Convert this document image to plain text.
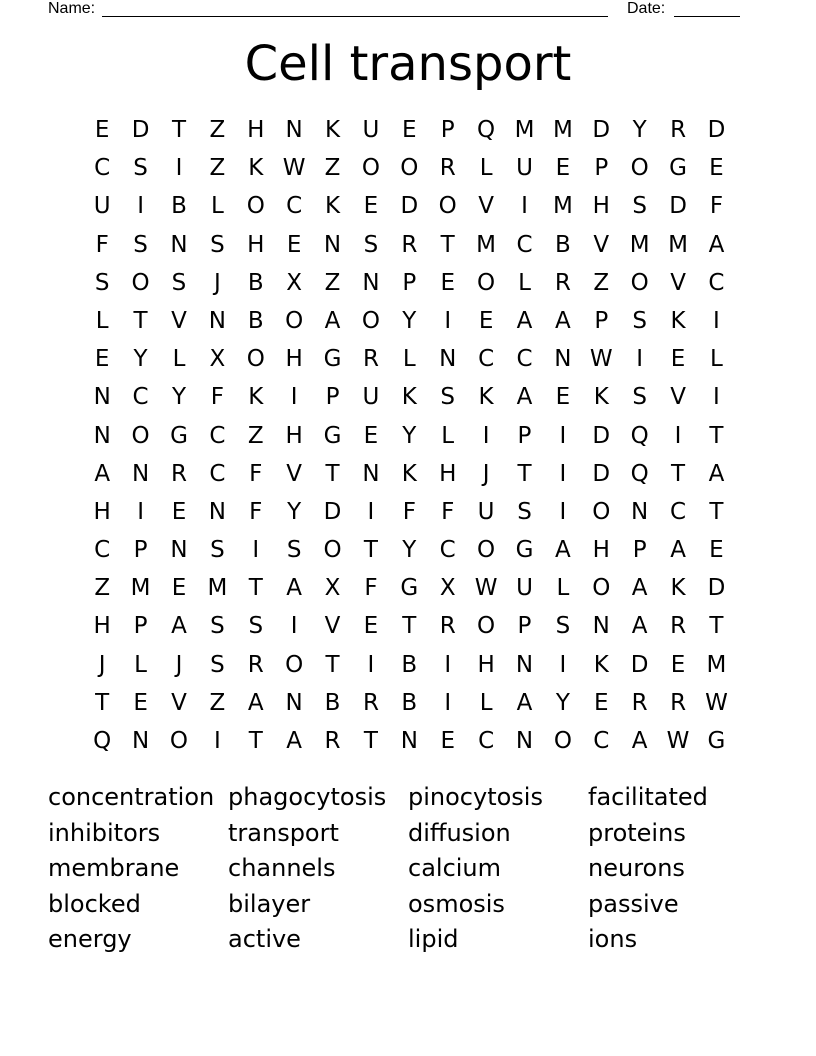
Name:	Date:
Cell transport
E D T	Z H N K U E	P Q M M D Y	R D
C	S	I	Z K W Z O O R	L	U E	P O G E
U	I	B	L O C K	E D O V	I	M H S D F
F	S N S H E N S	R	T M C B V M M A
S O S	J	B X Z N P	E O L	R Z O V C
L	T	V N B O A O Y	I	E	A A	P	S	K	I
E	Y	L	X O H G R	L	N C C N W	I	E	L
N C	Y	F	K	I	P	U K	S	K A	E	K	S	V	I
N O G C Z H G E	Y	L	I	P	I	D Q	I	T
A N R C	F	V	T N K H	J	T	I	D Q T	A
H	I	E N	F	Y D	I	F	F	U S	I	O N C	T
C	P N S	I	S O T	Y	C O G A H P	A	E
Z M E M T	A X	F G X W U	L O A K D
H P	A	S	S	I	V	E	T	R O P	S N A R	T
J	L	J	S	R O T	I	B	I	H N	I	K D E M
T	E	V Z A N B R B	I	L	A	Y	E	R R W
Q N O	I	T	A R	T N E	C N O C A W G
concentration phagocytosis pinocytosis	facilitated
inhibitors	transport	diffusion	proteins
membrane	channels	calcium	neurons
blocked	bilayer	osmosis	passive
energy	active	lipid	ions
